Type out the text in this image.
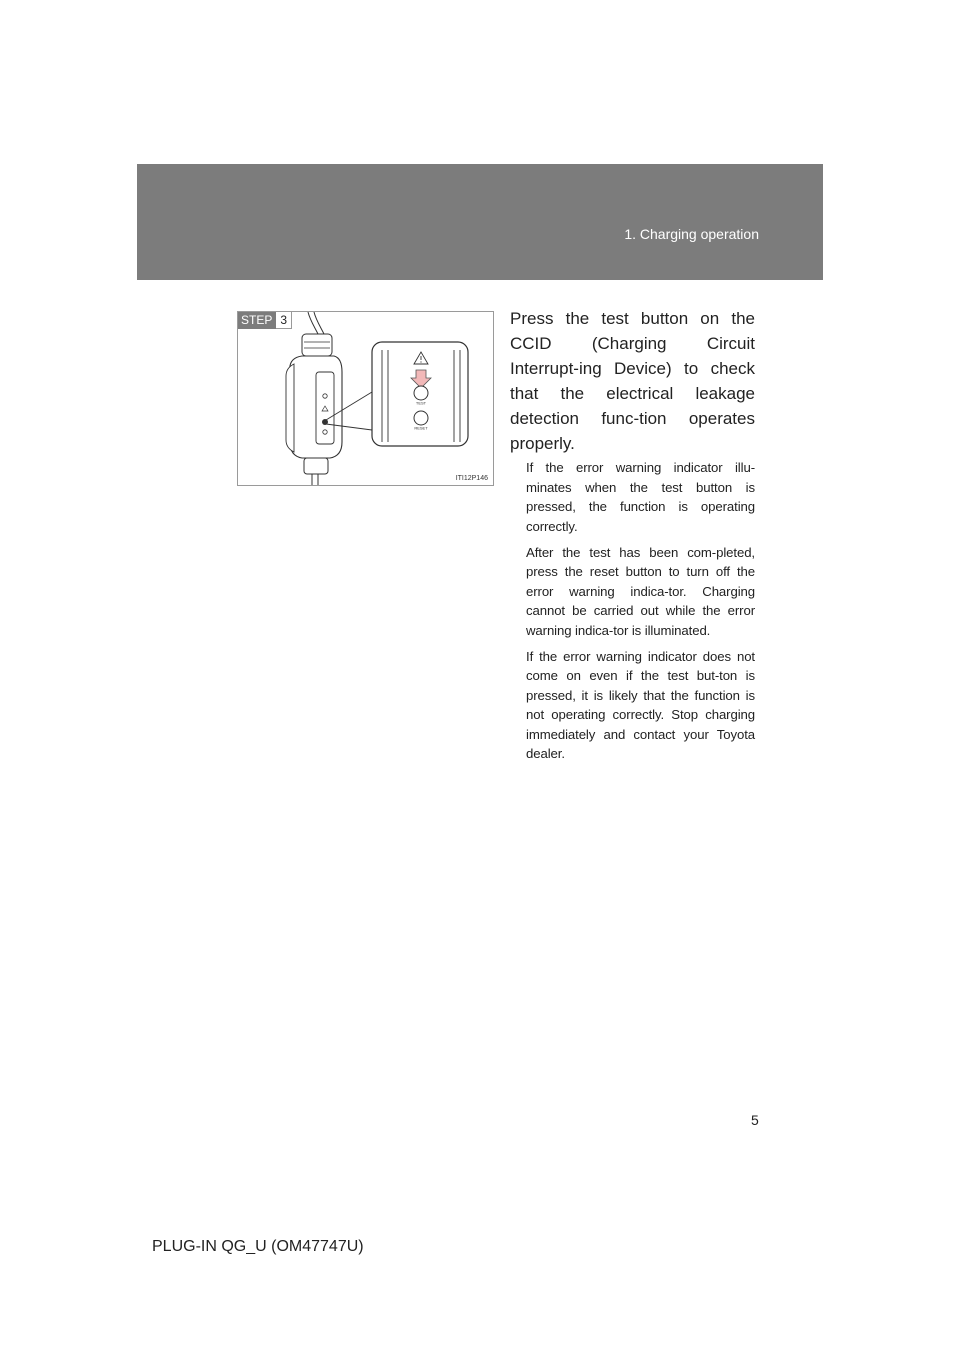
1. Charging operation
TEST
RESET
STEP 3
ITI12P146
Press the test button on the CCID (Charging Circuit Interrupt-ing Device) to check that the electrical leakage detection func-tion operates properly.

If the error warning indicator illu-minates when the test button is pressed, the function is operating correctly.

After the test has been com-pleted, press the reset button to turn off the error warning indica-tor. Charging cannot be carried out while the error warning indica-tor is illuminated.

If the error warning indicator does not come on even if the test but-ton is pressed, it is likely that the function is not operating correctly. Stop charging immediately and contact your Toyota dealer.

5
PLUG-IN QG_U (OM47747U)
